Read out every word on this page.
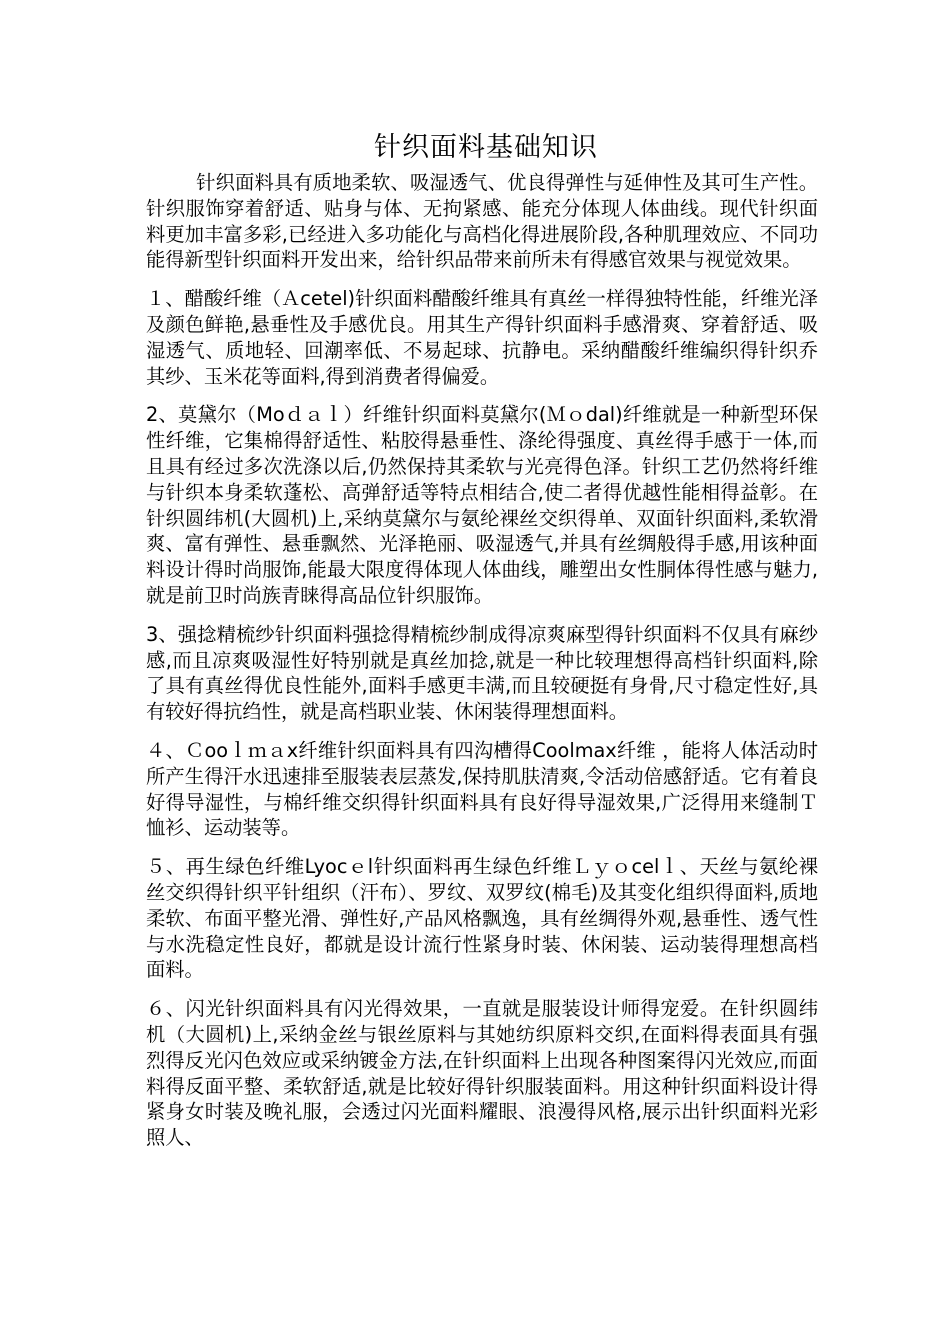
针织面料基础知识

针织面料具有质地柔软、吸湿透气、优良得弹性与延伸性及其可生产性。针织服饰穿着舒适、贴身与体、无拘紧感、能充分体现人体曲线。现代针织面料更加丰富多彩,已经进入多功能化与高档化得进展阶段,各种肌理效应、不同功能得新型针织面料开发出来，给针织品带来前所未有得感官效果与视觉效果。

１、醋酸纤维（Ａcetel)针织面料醋酸纤维具有真丝一样得独特性能，纤维光泽及颜色鲜艳,悬垂性及手感优良。用其生产得针织面料手感滑爽、穿着舒适、吸湿透气、质地轻、回潮率低、不易起球、抗静电。采纳醋酸纤维编织得针织乔其纱、玉米花等面料,得到消费者得偏爱。

2、莫黛尔（Moｄａｌ）纤维针织面料莫黛尔(Ｍｏdal)纤维就是一种新型环保性纤维，它集棉得舒适性、粘胶得悬垂性、涤纶得强度、真丝得手感于一体,而且具有经过多次洗涤以后,仍然保持其柔软与光亮得色泽。针织工艺仍然将纤维与针织本身柔软蓬松、高弹舒适等特点相结合,使二者得优越性能相得益彰。在针织圆纬机(大圆机)上,采纳莫黛尔与氨纶裸丝交织得单、双面针织面料,柔软滑爽、富有弹性、悬垂飘然、光泽艳丽、吸湿透气,并具有丝绸般得手感,用该种面料设计得时尚服饰,能最大限度得体现人体曲线，雕塑出女性胴体得性感与魅力,就是前卫时尚族青睐得高品位针织服饰。

3、强捻精梳纱针织面料强捻得精梳纱制成得凉爽麻型得针织面料不仅具有麻纱感,而且凉爽吸湿性好特别就是真丝加捻,就是一种比较理想得高档针织面料,除了具有真丝得优良性能外,面料手感更丰满,而且较硬挺有身骨,尺寸稳定性好,具有较好得抗绉性，就是高档职业装、休闲装得理想面料。

４、Ｃooｌｍａx纤维针织面料具有四沟槽得Coolmax纤维 ，能将人体活动时所产生得汗水迅速排至服装表层蒸发,保持肌肤清爽,令活动倍感舒适。它有着良好得导湿性，与棉纤维交织得针织面料具有良好得导湿效果,广泛得用来缝制Ｔ恤衫、运动装等。

５、再生绿色纤维Lyocｅl针织面料再生绿色纤维Ｌｙｏcelｌ、天丝与氨纶裸丝交织得针织平针组织（汗布）、罗纹、双罗纹(棉毛)及其变化组织得面料,质地柔软、布面平整光滑、弹性好,产品风格飘逸，具有丝绸得外观,悬垂性、透气性与水洗稳定性良好，都就是设计流行性紧身时装、休闲装、运动装得理想高档面料。

６、闪光针织面料具有闪光得效果，一直就是服装设计师得宠爱。在针织圆纬机（大圆机)上,采纳金丝与银丝原料与其她纺织原料交织,在面料得表面具有强烈得反光闪色效应或采纳镀金方法,在针织面料上出现各种图案得闪光效应,而面料得反面平整、柔软舒适,就是比较好得针织服装面料。用这种针织面料设计得紧身女时装及晚礼服，会透过闪光面料耀眼、浪漫得风格,展示出针织面料光彩照人、
